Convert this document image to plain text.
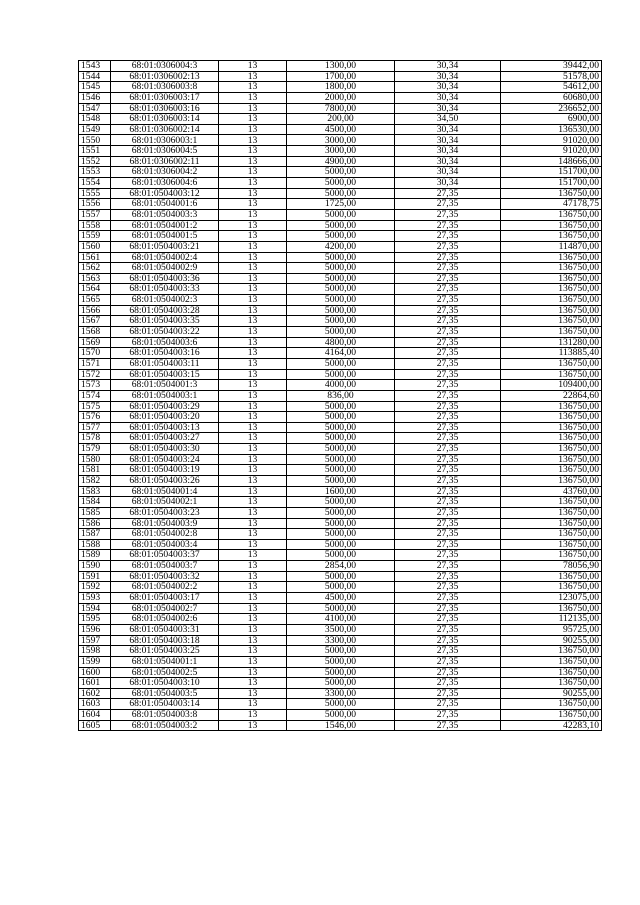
1543	68:01:0306004:3	13	1300,00	30,34	39442,00
1544	68:01:0306002:13	13	1700,00	30,34	51578,00
1545	68:01:0306003:8	13	1800,00	30,34	54612,00
1546	68:01:0306003:17	13	2000,00	30,34	60680,00
1547	68:01:0306003:16	13	7800,00	30,34	236652,00
1548	68:01:0306003:14	13	200,00	34,50	6900,00
1549	68:01:0306002:14	13	4500,00	30,34	136530,00
1550	68:01:0306003:1	13	3000,00	30,34	91020,00
1551	68:01:0306004:5	13	3000,00	30,34	91020,00
1552	68:01:0306002:11	13	4900,00	30,34	148666,00
1553	68:01:0306004:2	13	5000,00	30,34	151700,00
1554	68:01:0306004:6	13	5000,00	30,34	151700,00
1555	68:01:0504003:12	13	5000,00	27,35	136750,00
1556	68:01:0504001:6	13	1725,00	27,35	47178,75
1557	68:01:0504003:3	13	5000,00	27,35	136750,00
1558	68:01:0504001:2	13	5000,00	27,35	136750,00
1559	68:01:0504001:5	13	5000,00	27,35	136750,00
1560	68:01:0504003:21	13	4200,00	27,35	114870,00
1561	68:01:0504002:4	13	5000,00	27,35	136750,00
1562	68:01:0504002:9	13	5000,00	27,35	136750,00
1563	68:01:0504003:36	13	5000,00	27,35	136750,00
1564	68:01:0504003:33	13	5000,00	27,35	136750,00
1565	68:01:0504002:3	13	5000,00	27,35	136750,00
1566	68:01:0504003:28	13	5000,00	27,35	136750,00
1567	68:01:0504003:35	13	5000,00	27,35	136750,00
1568	68:01:0504003:22	13	5000,00	27,35	136750,00
1569	68:01:0504003:6	13	4800,00	27,35	131280,00
1570	68:01:0504003:16	13	4164,00	27,35	113885,40
1571	68:01:0504003:11	13	5000,00	27,35	136750,00
1572	68:01:0504003:15	13	5000,00	27,35	136750,00
1573	68:01:0504001:3	13	4000,00	27,35	109400,00
1574	68:01:0504003:1	13	836,00	27,35	22864,60
1575	68:01:0504003:29	13	5000,00	27,35	136750,00
1576	68:01:0504003:20	13	5000,00	27,35	136750,00
1577	68:01:0504003:13	13	5000,00	27,35	136750,00
1578	68:01:0504003:27	13	5000,00	27,35	136750,00
1579	68:01:0504003:30	13	5000,00	27,35	136750,00
1580	68:01:0504003:24	13	5000,00	27,35	136750,00
1581	68:01:0504003:19	13	5000,00	27,35	136750,00
1582	68:01:0504003:26	13	5000,00	27,35	136750,00
1583	68:01:0504001:4	13	1600,00	27,35	43760,00
1584	68:01:0504002:1	13	5000,00	27,35	136750,00
1585	68:01:0504003:23	13	5000,00	27,35	136750,00
1586	68:01:0504003:9	13	5000,00	27,35	136750,00
1587	68:01:0504002:8	13	5000,00	27,35	136750,00
1588	68:01:0504003:4	13	5000,00	27,35	136750,00
1589	68:01:0504003:37	13	5000,00	27,35	136750,00
1590	68:01:0504003:7	13	2854,00	27,35	78056,90
1591	68:01:0504003:32	13	5000,00	27,35	136750,00
1592	68:01:0504002:2	13	5000,00	27,35	136750,00
1593	68:01:0504003:17	13	4500,00	27,35	123075,00
1594	68:01:0504002:7	13	5000,00	27,35	136750,00
1595	68:01:0504002:6	13	4100,00	27,35	112135,00
1596	68:01:0504003:31	13	3500,00	27,35	95725,00
1597	68:01:0504003:18	13	3300,00	27,35	90255,00
1598	68:01:0504003:25	13	5000,00	27,35	136750,00
1599	68:01:0504001:1	13	5000,00	27,35	136750,00
1600	68:01:0504002:5	13	5000,00	27,35	136750,00
1601	68:01:0504003:10	13	5000,00	27,35	136750,00
1602	68:01:0504003:5	13	3300,00	27,35	90255,00
1603	68:01:0504003:14	13	5000,00	27,35	136750,00
1604	68:01:0504003:8	13	5000,00	27,35	136750,00
1605	68:01:0504003:2	13	1546,00	27,35	42283,10
